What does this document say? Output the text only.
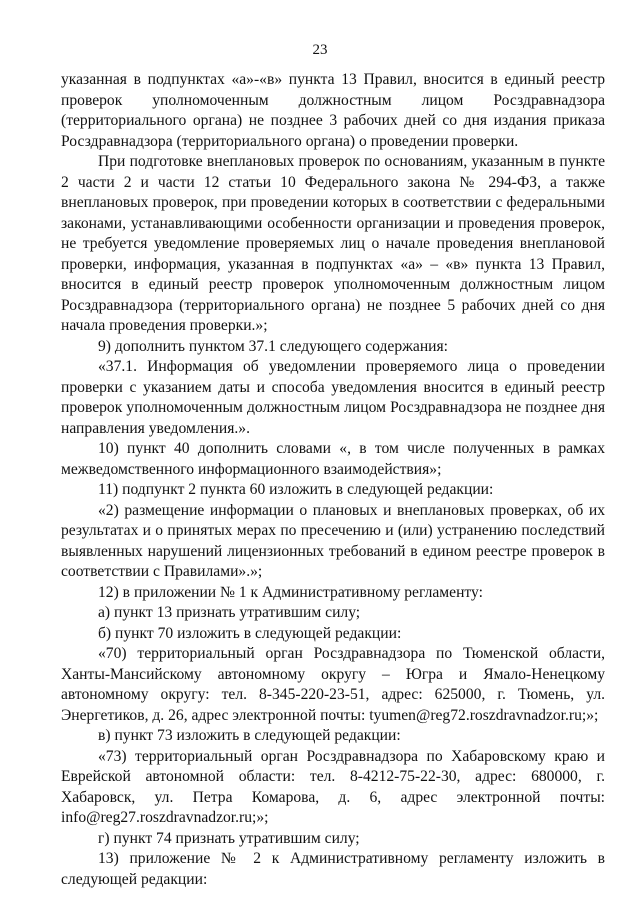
23

указанная в подпунктах «а»-«в» пункта 13 Правил, вносится в единый реестр проверок уполномоченным должностным лицом Росздравнадзора (территориального органа) не позднее 3 рабочих дней со дня издания приказа Росздравнадзора (территориального органа) о проведении проверки.

При подготовке внеплановых проверок по основаниям, указанным в пункте 2 части 2 и части 12 статьи 10 Федерального закона № 294-ФЗ, а также внеплановых проверок, при проведении которых в соответствии с федеральными законами, устанавливающими особенности организации и проведения проверок, не требуется уведомление проверяемых лиц о начале проведения внеплановой проверки, информация, указанная в подпунктах «а» – «в» пункта 13 Правил, вносится в единый реестр проверок уполномоченным должностным лицом Росздравнадзора (территориального органа) не позднее 5 рабочих дней со дня начала проведения проверки.»;

9) дополнить пунктом 37.1 следующего содержания:

«37.1. Информация об уведомлении проверяемого лица о проведении проверки с указанием даты и способа уведомления вносится в единый реестр проверок уполномоченным должностным лицом Росздравнадзора не позднее дня направления уведомления.».

10) пункт 40 дополнить словами «, в том числе полученных в рамках межведомственного информационного взаимодействия»;

11) подпункт 2 пункта 60 изложить в следующей редакции:

«2) размещение информации о плановых и внеплановых проверках, об их результатах и о принятых мерах по пресечению и (или) устранению последствий выявленных нарушений лицензионных требований в едином реестре проверок в соответствии с Правилами».»;

12) в приложении № 1 к Административному регламенту:

а) пункт 13 признать утратившим силу;

б) пункт 70 изложить в следующей редакции:

«70) территориальный орган Росздравнадзора по Тюменской области, Ханты-Мансийскому автономному округу – Югра и Ямало-Ненецкому автономному округу: тел. 8-345-220-23-51, адрес: 625000, г. Тюмень, ул. Энергетиков, д. 26, адрес электронной почты: tyumen@reg72.roszdravnadzor.ru;»;

в) пункт 73 изложить в следующей редакции:

«73) территориальный орган Росздравнадзора по Хабаровскому краю и Еврейской автономной области: тел. 8-4212-75-22-30, адрес: 680000, г. Хабаровск, ул. Петра Комарова, д. 6, адрес электронной почты: info@reg27.roszdravnadzor.ru;»;

г) пункт 74 признать утратившим силу;

13) приложение № 2 к Административному регламенту изложить в следующей редакции:
